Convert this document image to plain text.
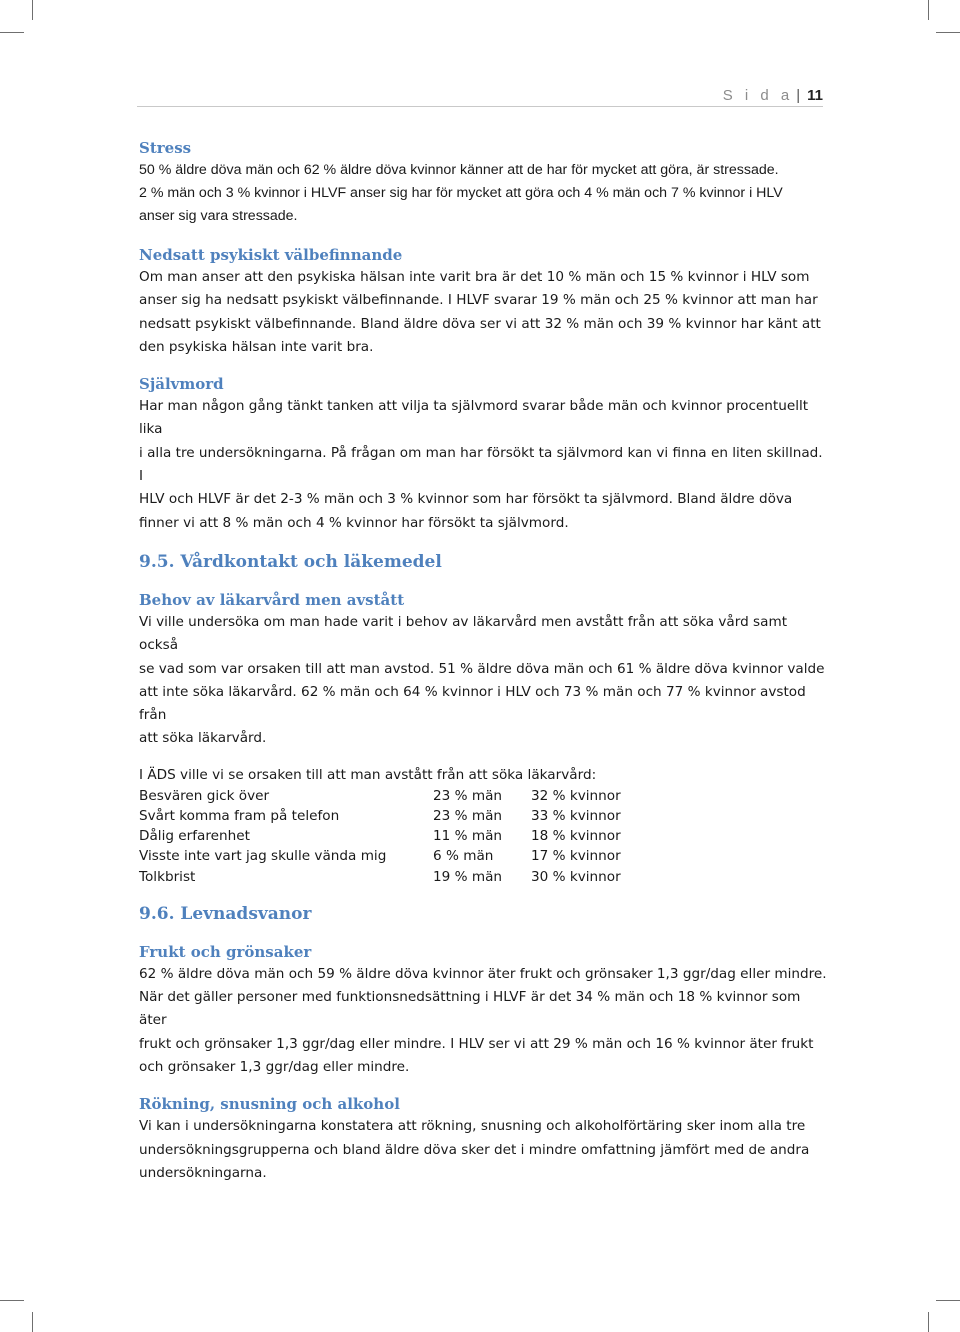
S i d a | 11
Stress

50 % äldre döva män och 62 % äldre döva kvinnor känner att de har för mycket att göra, är stressade.

2 % män och 3 % kvinnor i HLVF anser sig har för mycket att göra och 4 % män och 7 % kvinnor i HLV

anser sig vara stressade.

Nedsatt psykiskt välbefinnande

Om man anser att den psykiska hälsan inte varit bra är det 10 % män och 15 % kvinnor i HLV som

anser sig ha nedsatt psykiskt välbefinnande. I HLVF svarar 19 % män och 25 % kvinnor att man har

nedsatt psykiskt välbefinnande. Bland äldre döva ser vi att 32 % män och 39 % kvinnor har känt att

den psykiska hälsan inte varit bra.

Självmord

Har man någon gång tänkt tanken att vilja ta självmord svarar både män och kvinnor procentuellt lika

i alla tre undersökningarna. På frågan om man har försökt ta självmord kan vi finna en liten skillnad. I

HLV och HLVF är det 2-3 % män och 3 % kvinnor som har försökt ta självmord. Bland äldre döva

finner vi att 8 % män och 4 % kvinnor har försökt ta självmord.

9.5. Vårdkontakt och läkemedel
Behov av läkarvård men avstått

Vi ville undersöka om man hade varit i behov av läkarvård men avstått från att söka vård samt också

se vad som var orsaken till att man avstod. 51 % äldre döva män och 61 % äldre döva kvinnor valde

att inte söka läkarvård. 62 % män och 64 % kvinnor i HLV och 73 % män och 77 % kvinnor avstod från

att söka läkarvård.

I ÄDS ville vi se orsaken till att man avstått från att söka läkarvård:

Besvären gick över	23 % män	32 % kvinnor
Svårt komma fram på telefon	23 % män	33 % kvinnor
Dålig erfarenhet	11 % män	18 % kvinnor
Visste inte vart jag skulle vända mig	6 % män	17 % kvinnor
Tolkbrist	19 % män	30 % kvinnor
9.6. Levnadsvanor
Frukt och grönsaker

62 % äldre döva män och 59 % äldre döva kvinnor äter frukt och grönsaker 1,3 ggr/dag eller mindre.

När det gäller personer med funktionsnedsättning i HLVF är det 34 % män och 18 % kvinnor som äter

frukt och grönsaker 1,3 ggr/dag eller mindre. I HLV ser vi att 29 % män och 16 % kvinnor äter frukt

och grönsaker 1,3 ggr/dag eller mindre.

Rökning, snusning och alkohol

Vi kan i undersökningarna konstatera att rökning, snusning och alkoholförtäring sker inom alla tre

undersökningsgrupperna och bland äldre döva sker det i mindre omfattning jämfört med de andra

undersökningarna.
